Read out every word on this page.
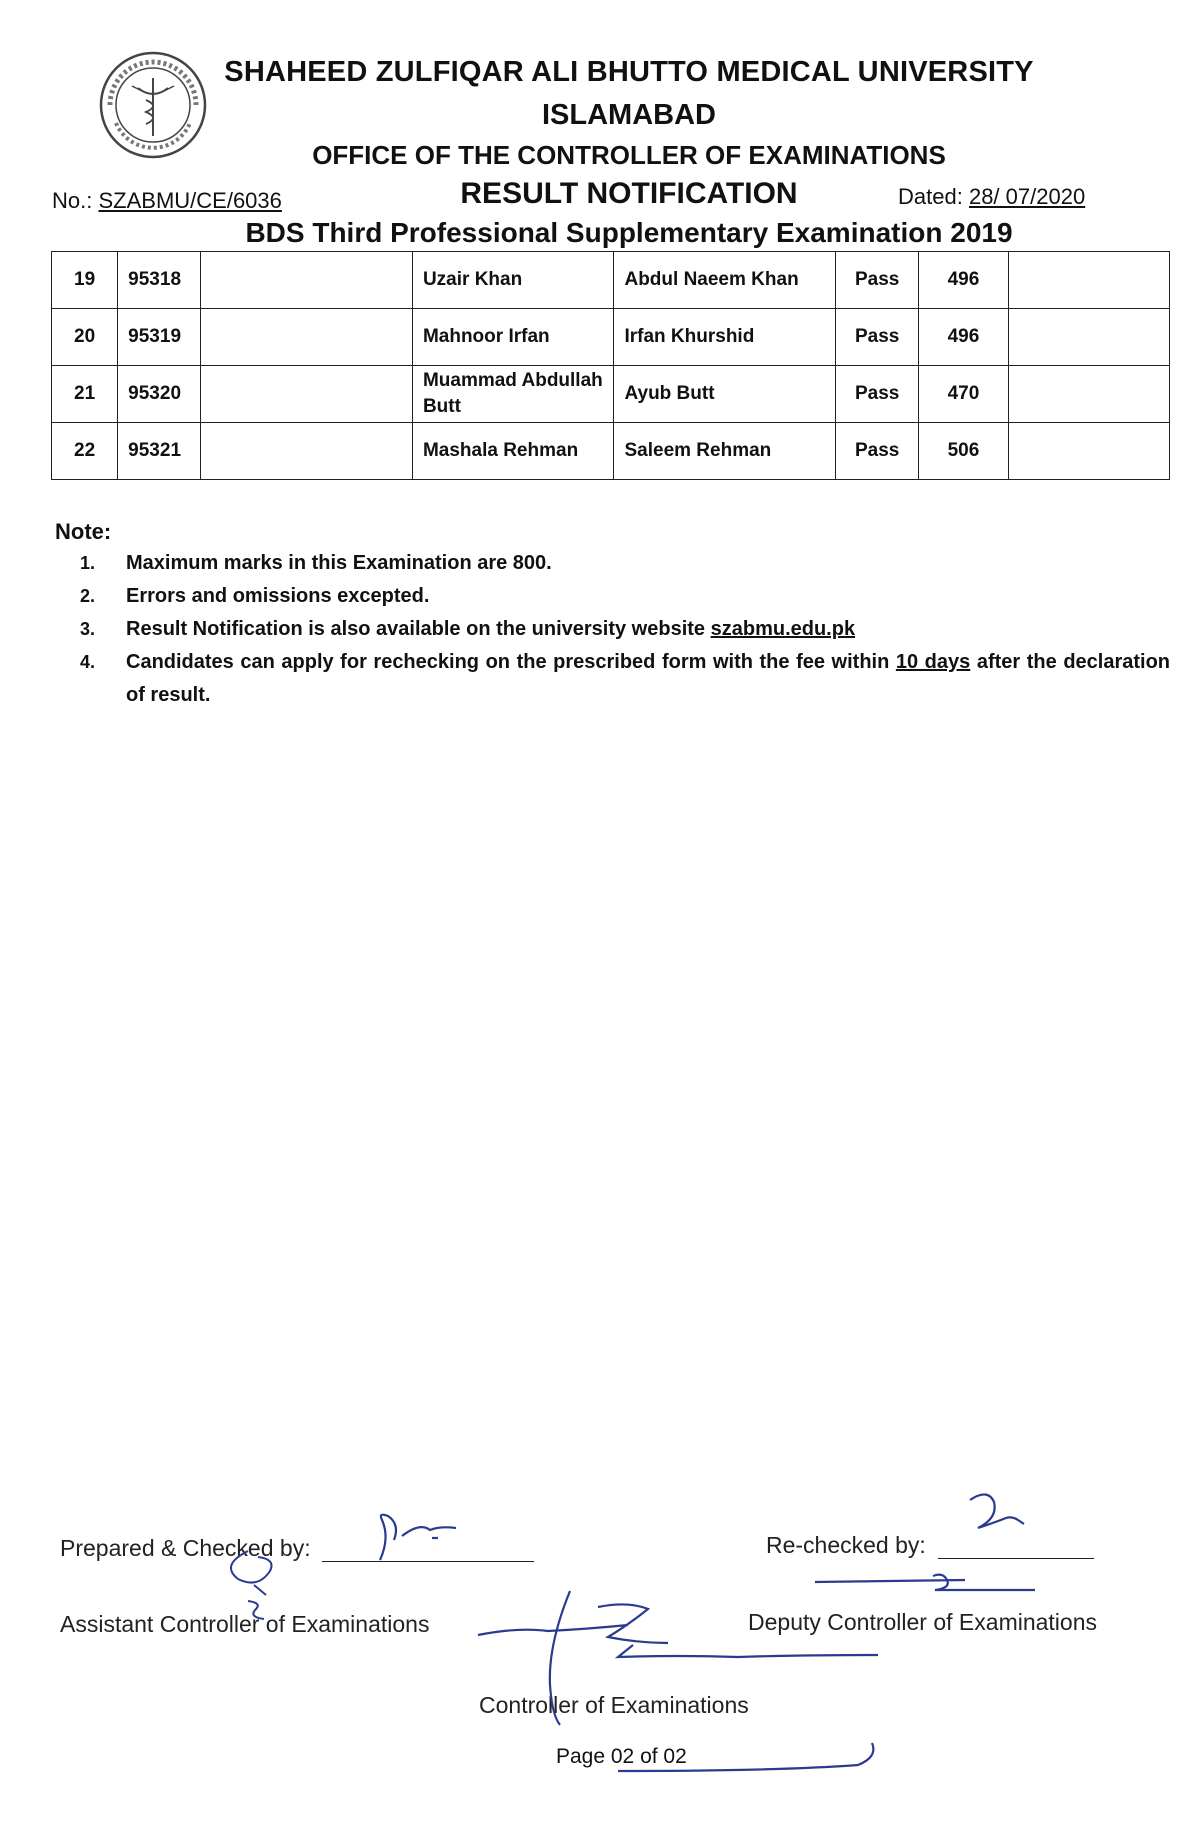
SHAHEED ZULFIQAR ALI BHUTTO MEDICAL UNIVERSITY
ISLAMABAD
OFFICE OF THE CONTROLLER OF EXAMINATIONS
RESULT NOTIFICATION
BDS Third Professional Supplementary Examination 2019
No.: SZABMU/CE/6036	Dated: 28/ 07/2020
19	95318		Uzair Khan	Abdul Naeem Khan	Pass	496	
20	95319		Mahnoor Irfan	Irfan Khurshid	Pass	496	
21	95320		Muammad Abdullah Butt	Ayub Butt	Pass	470	
22	95321		Mashala Rehman	Saleem Rehman	Pass	506	
Note:
1.	Maximum marks in this Examination are 800.
2.	Errors and omissions excepted.
3.	Result Notification is also available on the university website szabmu.edu.pk
4.	Candidates can apply for rechecking on the prescribed form with the fee within 10 days after the declaration of result.
Prepared & Checked by:
Assistant Controller of Examinations
Re-checked by:
Deputy Controller of Examinations
Controller of Examinations
Page 02 of 02
